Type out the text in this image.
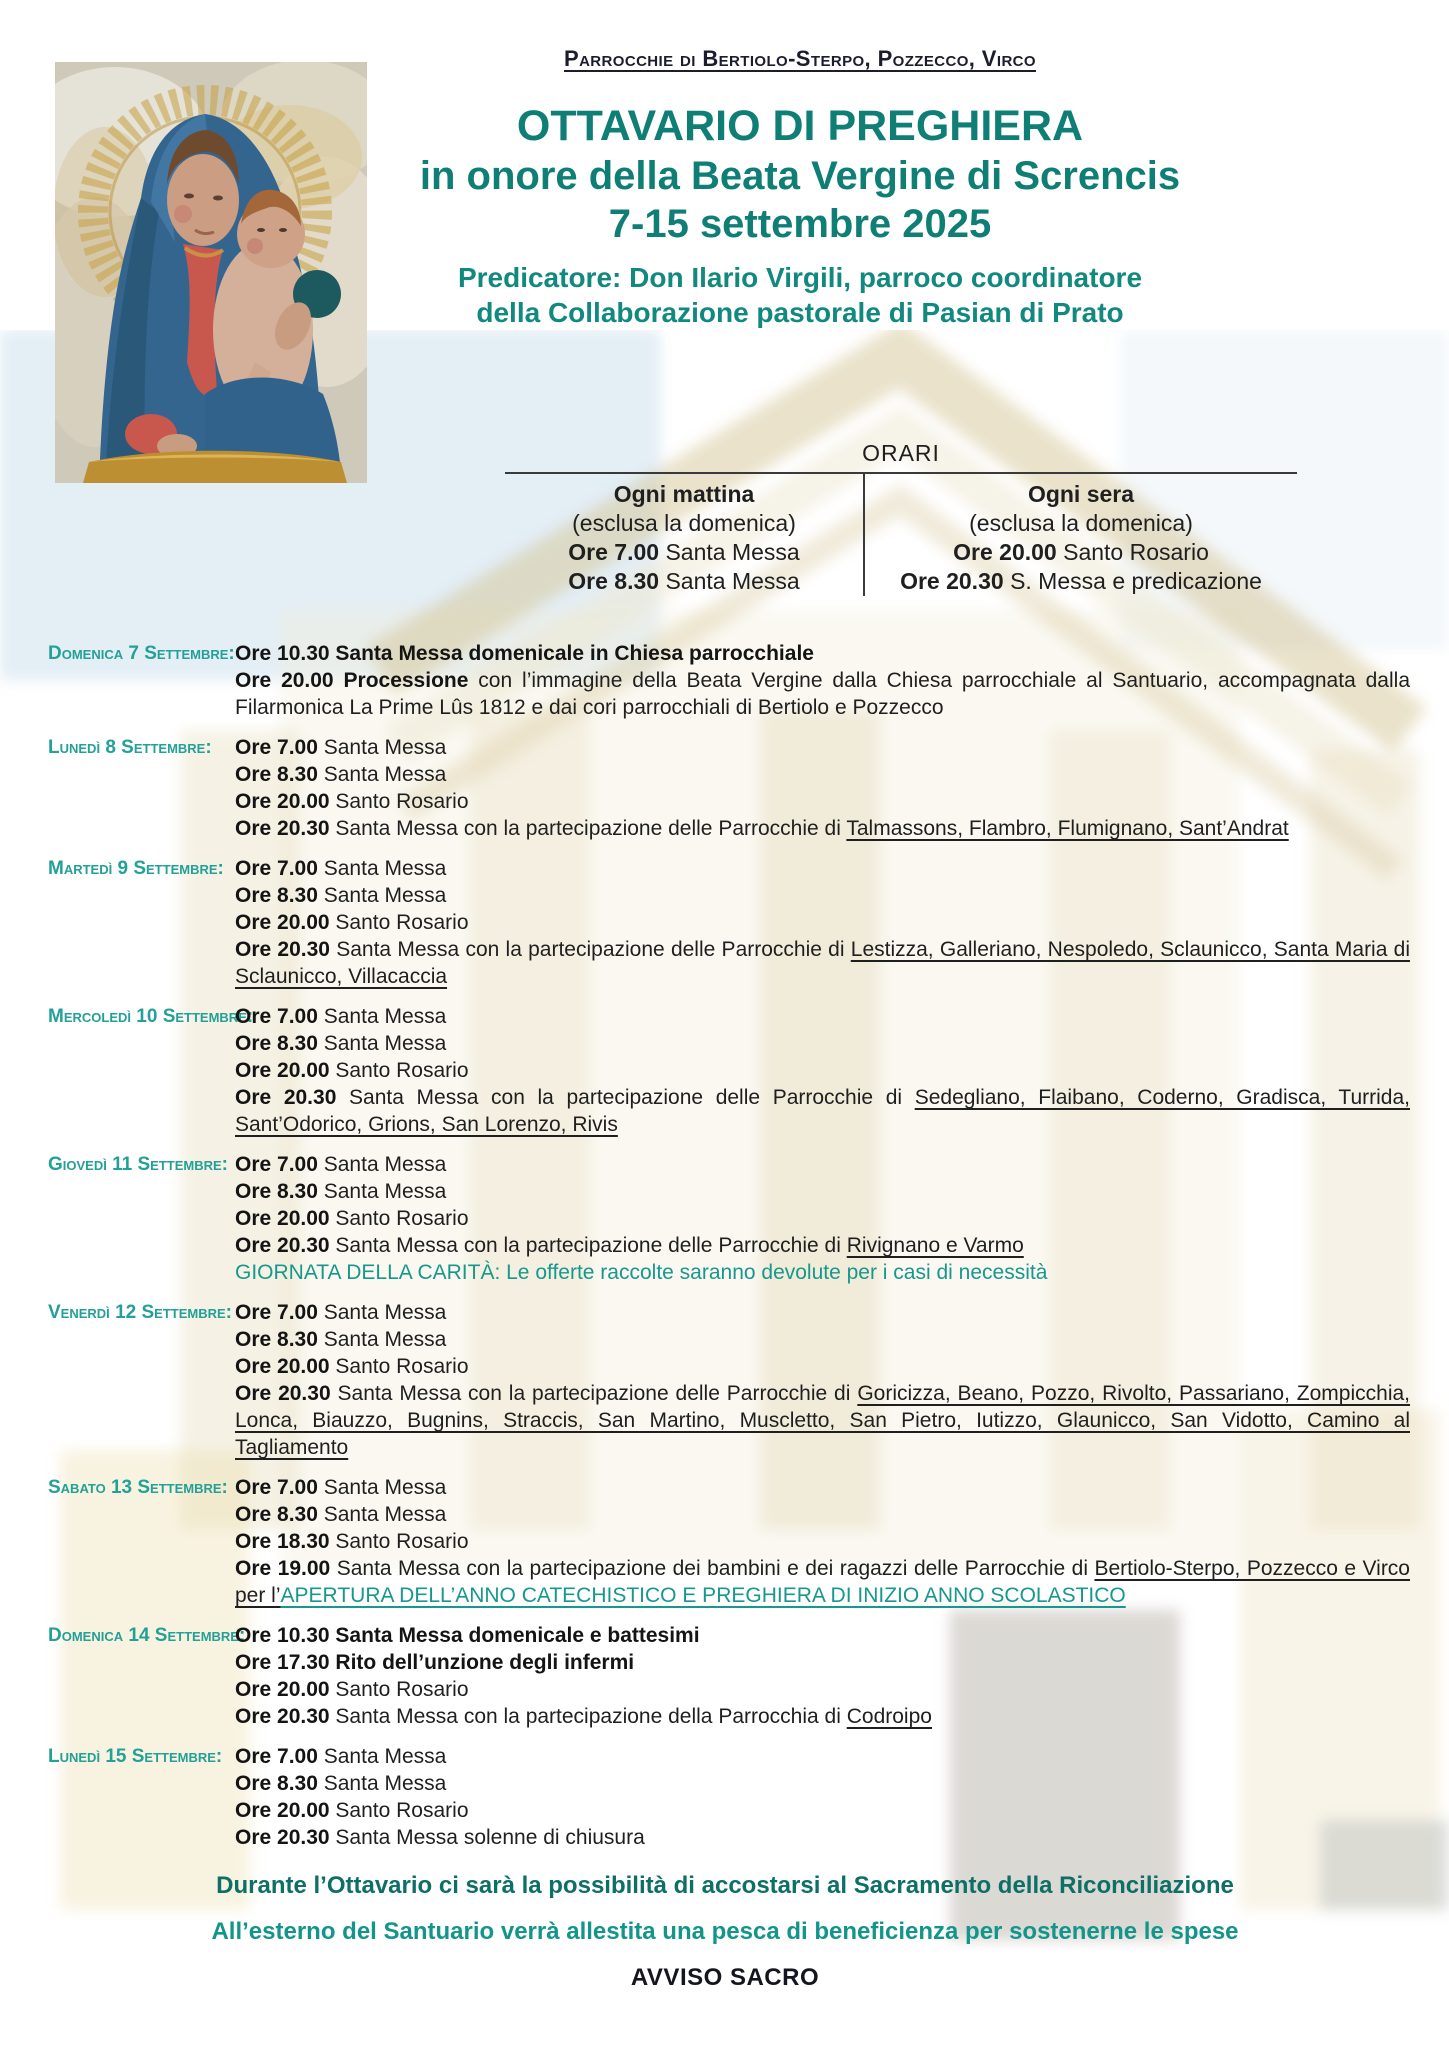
Parrocchie di Bertiolo-Sterpo, Pozzecco, Virco
OTTAVARIO DI PREGHIERA
in onore della Beata Vergine di Screncis
7-15 settembre 2025
Predicatore: Don Ilario Virgili, parroco coordinatore
della Collaborazione pastorale di Pasian di Prato
ORARI
Ogni mattina
(esclusa la domenica)
Ore 7.00 Santa Messa
Ore 8.30 Santa Messa
Ogni sera
(esclusa la domenica)
Ore 20.00 Santo Rosario
Ore 20.30 S. Messa e predicazione
Domenica 7 Settembre: Ore 10.30 Santa Messa domenicale in Chiesa parrocchiale
Ore 20.00 Processione con l’immagine della Beata Vergine dalla Chiesa parrocchiale al Santuario, accompagnata dalla Filarmonica La Prime Lûs 1812 e dai cori parrocchiali di Bertiolo e Pozzecco
Lunedì 8 Settembre:	Ore 7.00 Santa Messa
Ore 8.30 Santa Messa
Ore 20.00 Santo Rosario
Ore 20.30 Santa Messa con la partecipazione delle Parrocchie di Talmassons, Flambro, Flumignano, Sant’Andrat
Martedì 9 Settembre: Ore 7.00 Santa Messa
Ore 8.30 Santa Messa
Ore 20.00 Santo Rosario
Ore 20.30 Santa Messa con la partecipazione delle Parrocchie di Lestizza, Galleriano, Nespoledo, Sclaunicco, Santa Maria di Sclaunicco, Villacaccia
Mercoledì 10 Settembre:
Ore 7.00 Santa Messa
Ore 8.30 Santa Messa
Ore 20.00 Santo Rosario
Ore 20.30 Santa Messa con la partecipazione delle Parrocchie di Sedegliano, Flaibano, Coderno, Gradisca, Turrida, Sant’Odorico, Grions, San Lorenzo, Rivis
Giovedì 11 Settembre: Ore 7.00 Santa Messa
Ore 8.30 Santa Messa
Ore 20.00 Santo Rosario
Ore 20.30 Santa Messa con la partecipazione delle Parrocchie di Rivignano e Varmo
GIORNATA DELLA CARITÀ: Le offerte raccolte saranno devolute per i casi di necessità
Venerdì 12 Settembre: Ore 7.00 Santa Messa
Ore 8.30 Santa Messa
Ore 20.00 Santo Rosario
Ore 20.30 Santa Messa con la partecipazione delle Parrocchie di Goricizza, Beano, Pozzo, Rivolto, Passariano, Zompicchia, Lonca, Biauzzo, Bugnins, Straccis, San Martino, Muscletto, San Pietro, Iutizzo, Glaunicco, San Vidotto, Camino al Tagliamento
Sabato 13 Settembre: Ore 7.00 Santa Messa
Ore 8.30 Santa Messa
Ore 18.30 Santo Rosario
Ore 19.00 Santa Messa con la partecipazione dei bambini e dei ragazzi delle Parrocchie di Bertiolo-Sterpo, Pozzecco e Virco per l’APERTURA DELL’ANNO CATECHISTICO E PREGHIERA DI INIZIO ANNO SCOLASTICO
Domenica 14 Settembre:
Ore 10.30 Santa Messa domenicale e battesimi
Ore 17.30 Rito dell’unzione degli infermi
Ore 20.00 Santo Rosario
Ore 20.30 Santa Messa con la partecipazione della Parrocchia di Codroipo
Lunedì 15 Settembre: Ore 7.00 Santa Messa
Ore 8.30 Santa Messa
Ore 20.00 Santo Rosario
Ore 20.30 Santa Messa solenne di chiusura
Durante l’Ottavario ci sarà la possibilità di accostarsi al Sacramento della Riconciliazione
All’esterno del Santuario verrà allestita una pesca di beneficienza per sostenerne le spese
AVVISO SACRO
